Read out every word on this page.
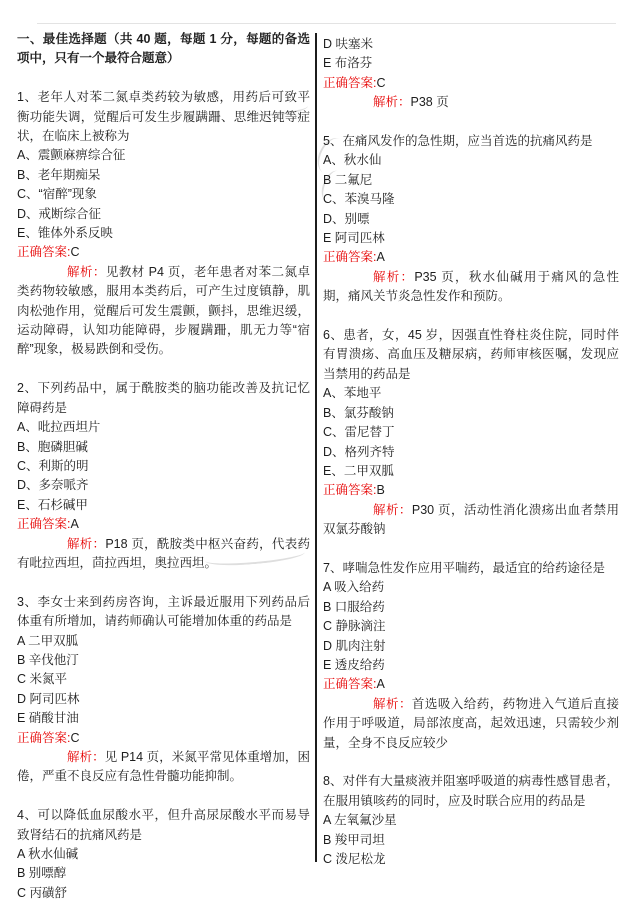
一、最佳选择题（共 40 题，每题 1 分，每题的备选项中，只有一个最符合题意）
1、老年人对苯二氮卓类药较为敏感，用药后可致平衡功能失调，觉醒后可发生步履蹒跚、思维迟钝等症状，在临床上被称为
A、震颤麻痹综合征
B、老年期痴呆
C、“宿醉”现象
D、戒断综合征
E、锥体外系反映
正确答案:C

解析：见教材 P4 页，老年患者对苯二氮卓类药物较敏感，服用本类药后，可产生过度镇静，肌肉松弛作用，觉醒后可发生震颤，颤抖，思维迟缓，运动障碍，认知功能障碍，步履蹒跚，肌无力等“宿醉”现象，极易跌倒和受伤。

2、下列药品中，属于酰胺类的脑功能改善及抗记忆障碍药是
A、吡拉西坦片
B、胞磷胆碱
C、利斯的明
D、多奈哌齐
E、石杉碱甲
正确答案:A

解析：P18 页，酰胺类中枢兴奋药，代表药有吡拉西坦，茴拉西坦，奥拉西坦。

3、李女士来到药房咨询，主诉最近服用下列药品后体重有所增加，请药师确认可能增加体重的药品是
A 二甲双胍
B 辛伐他汀
C 米氮平
D 阿司匹林
E 硝酸甘油
正确答案:C

解析：见 P14 页，米氮平常见体重增加，困倦，严重不良反应有急性骨髓功能抑制。

4、可以降低血尿酸水平，但升高尿尿酸水平而易导致肾结石的抗痛风药是
A 秋水仙碱
B 别嘌醇
C 丙磺舒
D 呋塞米
E 布洛芬
正确答案:C

解析：P38 页

5、在痛风发作的急性期，应当首选的抗痛风药是
A、秋水仙
B 二氟尼
C、苯溴马隆
D、别嘌
E 阿司匹林
正确答案:A

解析：P35 页，秋水仙碱用于痛风的急性期，痛风关节炎急性发作和预防。

6、患者，女，45 岁，因强直性脊柱炎住院，同时伴有胃溃疡、高血压及糖尿病，药师审核医嘱，发现应当禁用的药品是
A、苯地平
B、氯芬酸钠
C、雷尼替丁
D、格列齐特
E、二甲双胍
正确答案:B

解析：P30 页，活动性消化溃疡出血者禁用双氯芬酸钠

7、哮喘急性发作应用平喘药，最适宜的给药途径是
A 吸入给药
B 口服给药
C 静脉滴注
D 肌肉注射
E 透皮给药
正确答案:A

解析：首选吸入给药，药物进入气道后直接作用于呼吸道，局部浓度高，起效迅速，只需较少剂量，全身不良反应较少

8、对伴有大量痰液并阻塞呼吸道的病毒性感冒患者，在服用镇咳药的同时，应及时联合应用的药品是
A 左氧氟沙星
B 羧甲司坦
C 泼尼松龙
